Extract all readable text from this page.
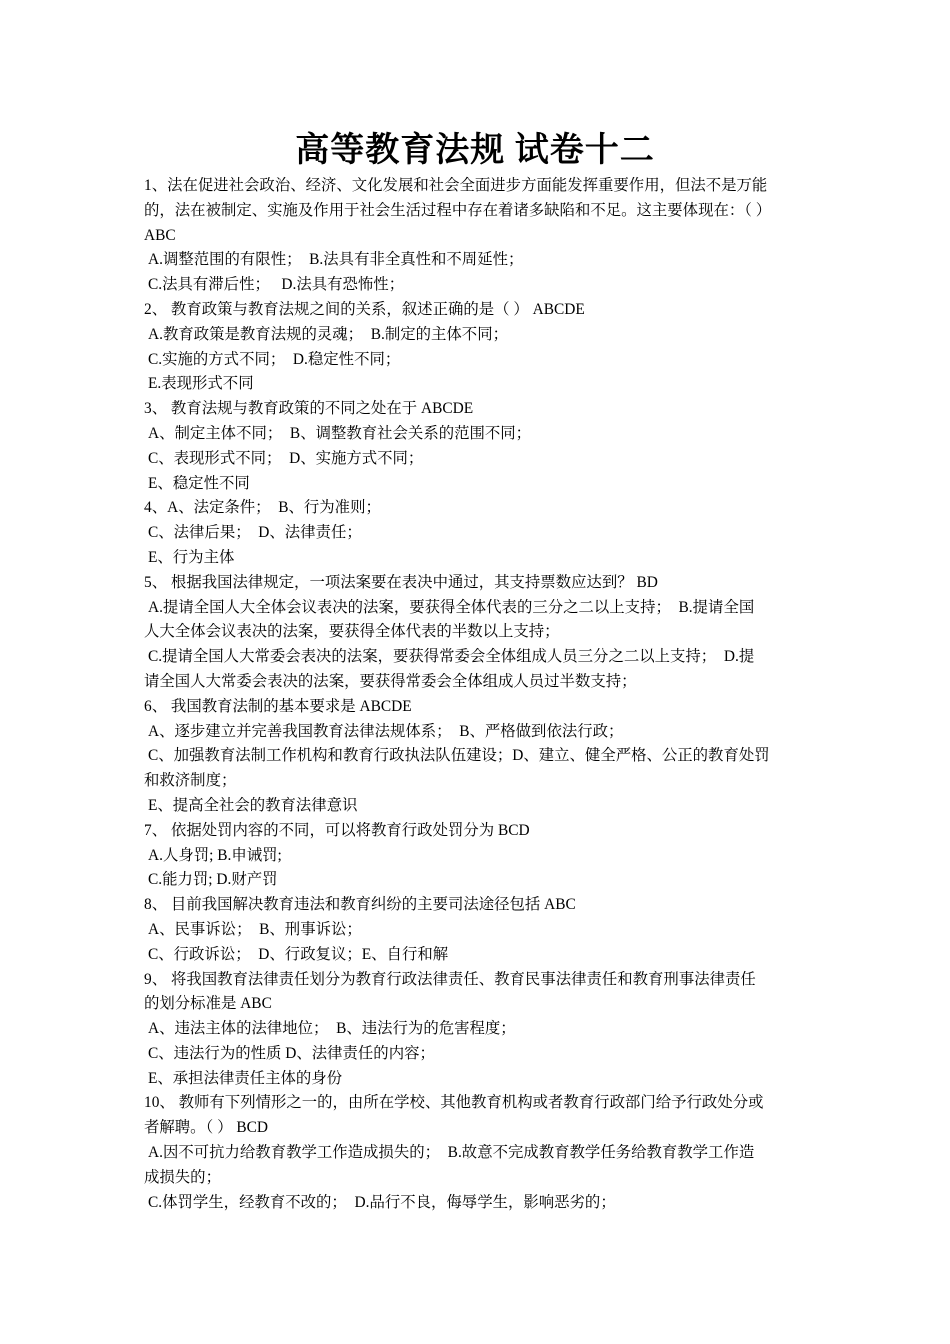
高等教育法规 试卷十二
1、法在促进社会政治、经济、文化发展和社会全面进步方面能发挥重要作用，但法不是万能
的，法在被制定、实施及作用于社会生活过程中存在着诸多缺陷和不足。这主要体现在：（ ）
ABC
A.调整范围的有限性；　B.法具有非全真性和不周延性；
C.法具有滞后性；　 D.法具有恐怖性；
2、 教育政策与教育法规之间的关系，叙述正确的是（ ） ABCDE
A.教育政策是教育法规的灵魂；　B.制定的主体不同；
C.实施的方式不同；　D.稳定性不同；
E.表现形式不同
3、 教育法规与教育政策的不同之处在于 ABCDE
A、制定主体不同；　B、调整教育社会关系的范围不同；
C、表现形式不同；　D、实施方式不同；
E、稳定性不同
4、A、法定条件；　B、行为准则；
C、法律后果；　D、法律责任；
E、行为主体
5、 根据我国法律规定，一项法案要在表决中通过，其支持票数应达到？ BD
A.提请全国人大全体会议表决的法案，要获得全体代表的三分之二以上支持；　B.提请全国
人大全体会议表决的法案，要获得全体代表的半数以上支持；
C.提请全国人大常委会表决的法案，要获得常委会全体组成人员三分之二以上支持；　D.提
请全国人大常委会表决的法案，要获得常委会全体组成人员过半数支持；
6、 我国教育法制的基本要求是 ABCDE
A、逐步建立并完善我国教育法律法规体系；　B、严格做到依法行政；
C、加强教育法制工作机构和教育行政执法队伍建设；D、建立、健全严格、公正的教育处罚
和救济制度；
E、提高全社会的教育法律意识
7、 依据处罚内容的不同，可以将教育行政处罚分为 BCD
A.人身罚; B.申诫罚;
C.能力罚; D.财产罚
8、 目前我国解决教育违法和教育纠纷的主要司法途径包括 ABC
A、民事诉讼；　B、刑事诉讼；
C、行政诉讼；　D、行政复议；E、自行和解
9、 将我国教育法律责任划分为教育行政法律责任、教育民事法律责任和教育刑事法律责任
的划分标准是 ABC
A、违法主体的法律地位；　B、违法行为的危害程度；
C、违法行为的性质 D、法律责任的内容；
E、承担法律责任主体的身份
10、 教师有下列情形之一的，由所在学校、其他教育机构或者教育行政部门给予行政处分或
者解聘。（ ） BCD
A.因不可抗力给教育教学工作造成损失的；　B.故意不完成教育教学任务给教育教学工作造
成损失的；
C.体罚学生，经教育不改的；　D.品行不良，侮辱学生，影响恶劣的；
